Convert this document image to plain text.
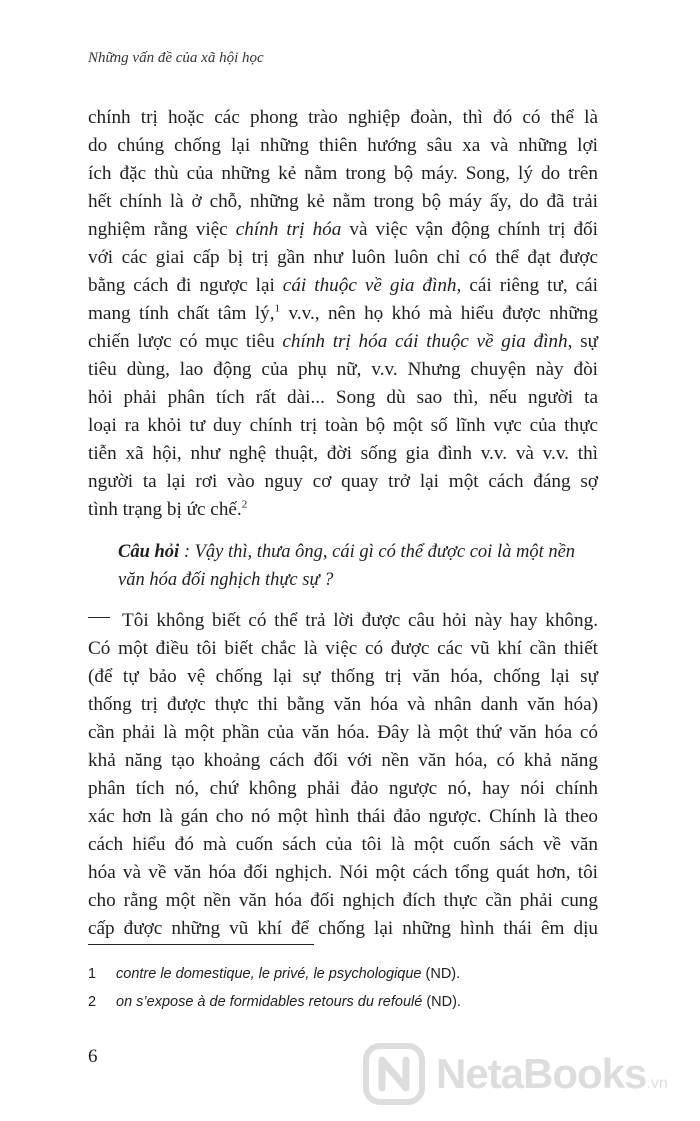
Những vấn đề của xã hội học
chính trị hoặc các phong trào nghiệp đoàn, thì đó có thể là
do chúng chống lại những thiên hướng sâu xa và những lợi
ích đặc thù của những kẻ nằm trong bộ máy. Song, lý do trên
hết chính là ở chỗ, những kẻ nằm trong bộ máy ấy, do đã trải
nghiệm rằng việc chính trị hóa và việc vận động chính trị đối
với các giai cấp bị trị gần như luôn luôn chỉ có thể đạt được
bằng cách đi ngược lại cái thuộc về gia đình, cái riêng tư, cái
mang tính chất tâm lý,$^1$ v.v., nên họ khó mà hiểu được những
chiến lược có mục tiêu chính trị hóa cái thuộc về gia đình, sự
tiêu dùng, lao động của phụ nữ, v.v. Nhưng chuyện này đòi
hỏi phải phân tích rất dài... Song dù sao thì, nếu người ta
loại ra khỏi tư duy chính trị toàn bộ một số lĩnh vực của thực
tiễn xã hội, như nghệ thuật, đời sống gia đình v.v. và v.v. thì
người ta lại rơi vào nguy cơ quay trở lại một cách đáng sợ
tình trạng bị ức chế.$^2$
Câu hỏi : Vậy thì, thưa ông, cái gì có thể được coi là một nền
văn hóa đối nghịch thực sự ?
Tôi không biết có thể trả lời được câu hỏi này hay không.
Có một điều tôi biết chắc là việc có được các vũ khí cần thiết
(để tự bảo vệ chống lại sự thống trị văn hóa, chống lại sự
thống trị được thực thi bằng văn hóa và nhân danh văn hóa)
cần phải là một phần của văn hóa. Đây là một thứ văn hóa có
khả năng tạo khoảng cách đối với nền văn hóa, có khả năng
phân tích nó, chứ không phải đảo ngược nó, hay nói chính
xác hơn là gán cho nó một hình thái đảo ngược. Chính là theo
cách hiểu đó mà cuốn sách của tôi là một cuốn sách về văn
hóa và về văn hóa đối nghịch. Nói một cách tổng quát hơn, tôi
cho rằng một nền văn hóa đối nghịch đích thực cần phải cung
cấp được những vũ khí để chống lại những hình thái êm dịu
1 contre le domestique, le privé, le psychologique (ND).
2 on s’expose à de formidables retours du refoulé (ND).
6	NetaBooks.vn
